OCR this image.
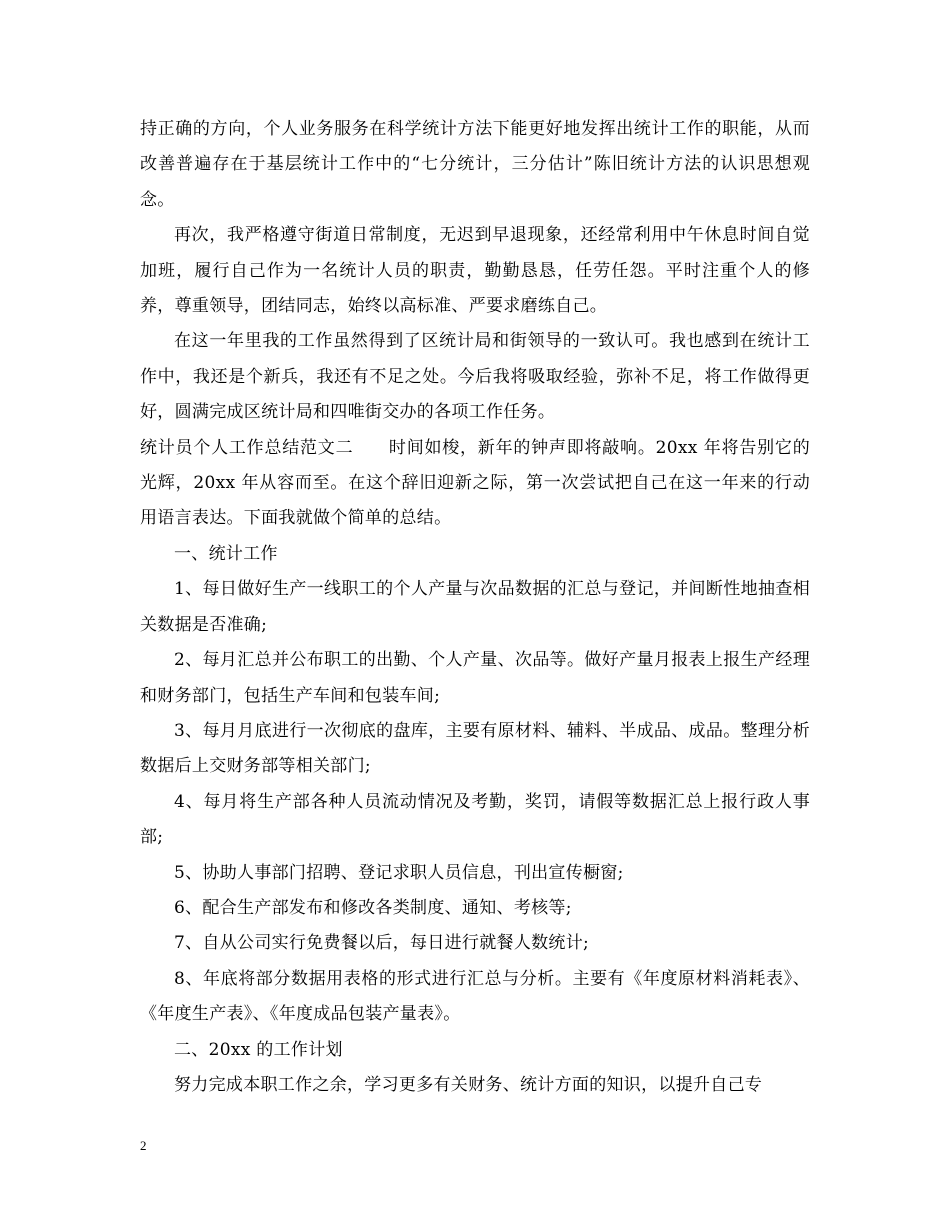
持正确的方向，个人业务服务在科学统计方法下能更好地发挥出统计工作的职能，从而改善普遍存在于基层统计工作中的“七分统计，三分估计”陈旧统计方法的认识思想观念。

再次，我严格遵守街道日常制度，无迟到早退现象，还经常利用中午休息时间自觉加班，履行自己作为一名统计人员的职责，勤勤恳恳，任劳任怨。平时注重个人的修养，尊重领导，团结同志，始终以高标准、严要求磨练自己。

在这一年里我的工作虽然得到了区统计局和街领导的一致认可。我也感到在统计工作中，我还是个新兵，我还有不足之处。今后我将吸取经验，弥补不足，将工作做得更好，圆满完成区统计局和四唯街交办的各项工作任务。

统计员个人工作总结范文二　　时间如梭，新年的钟声即将敲响。20xx 年将告别它的光辉，20xx 年从容而至。在这个辞旧迎新之际，第一次尝试把自己在这一年来的行动用语言表达。下面我就做个简单的总结。

一、统计工作

1、每日做好生产一线职工的个人产量与次品数据的汇总与登记，并间断性地抽查相关数据是否准确;

2、每月汇总并公布职工的出勤、个人产量、次品等。做好产量月报表上报生产经理和财务部门，包括生产车间和包装车间;

3、每月月底进行一次彻底的盘库，主要有原材料、辅料、半成品、成品。整理分析数据后上交财务部等相关部门;

4、每月将生产部各种人员流动情况及考勤，奖罚，请假等数据汇总上报行政人事部;

5、协助人事部门招聘、登记求职人员信息，刊出宣传橱窗;

6、配合生产部发布和修改各类制度、通知、考核等;

7、自从公司实行免费餐以后，每日进行就餐人数统计;

8、年底将部分数据用表格的形式进行汇总与分析。主要有《年度原材料消耗表》、《年度生产表》、《年度成品包装产量表》。

二、20xx 的工作计划

努力完成本职工作之余，学习更多有关财务、统计方面的知识，以提升自己专

2
